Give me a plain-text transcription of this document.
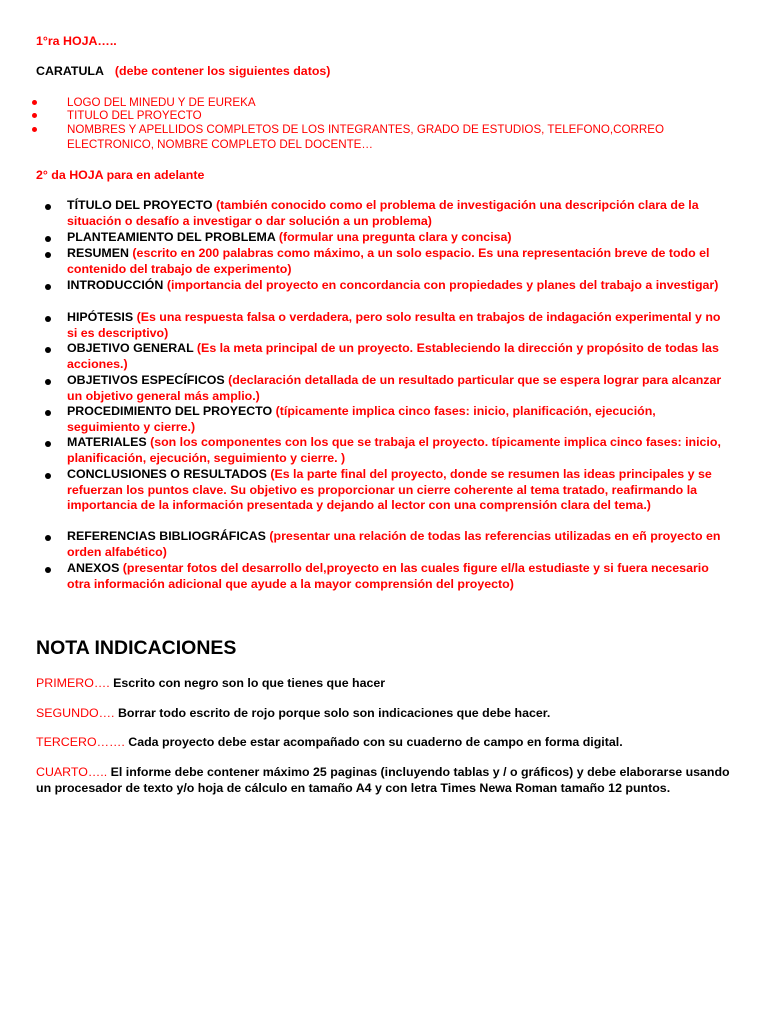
1°ra HOJA…..
CARATULA (debe contener los siguientes datos)
LOGO DEL MINEDU Y DE EUREKA
TITULO DEL PROYECTO
NOMBRES Y APELLIDOS COMPLETOS DE LOS INTEGRANTES, GRADO DE ESTUDIOS, TELEFONO,CORREO
ELECTRONICO, NOMBRE COMPLETO DEL DOCENTE…
2° da HOJA para en adelante
TÍTULO DEL PROYECTO (también conocido como el problema de investigación una descripción clara de la situación o desafío a investigar o dar solución a un problema)
PLANTEAMIENTO DEL PROBLEMA (formular una pregunta clara y concisa)
RESUMEN (escrito en 200 palabras como máximo, a un solo espacio. Es una representación breve de todo el contenido del trabajo de experimento)
INTRODUCCIÓN (importancia del proyecto en concordancia con propiedades y planes del trabajo a investigar)
HIPÓTESIS (Es una respuesta falsa o verdadera, pero solo resulta en trabajos de indagación experimental y no si es descriptivo)
OBJETIVO GENERAL (Es la meta principal de un proyecto. Estableciendo la dirección y propósito de todas las acciones.)
OBJETIVOS ESPECÍFICOS (declaración detallada de un resultado particular que se espera lograr para alcanzar un objetivo general más amplio.)
PROCEDIMIENTO DEL PROYECTO (típicamente implica cinco fases: inicio, planificación, ejecución, seguimiento y cierre.)
MATERIALES (son los componentes con los que se trabaja el proyecto. típicamente implica cinco fases: inicio, planificación, ejecución, seguimiento y cierre. )
CONCLUSIONES O RESULTADOS (Es la parte final del proyecto, donde se resumen las ideas principales y se refuerzan los puntos clave. Su objetivo es proporcionar un cierre coherente al tema tratado, reafirmando la importancia de la información presentada y dejando al lector con una comprensión clara del tema.)
REFERENCIAS BIBLIOGRÁFICAS (presentar una relación de todas las referencias utilizadas en eñ proyecto en orden alfabético)
ANEXOS (presentar fotos del desarrollo del,proyecto en las cuales figure el/la estudiaste y si fuera necesario otra información adicional que ayude a la mayor comprensión del proyecto)
NOTA INDICACIONES
PRIMERO…. Escrito con negro son lo que tienes que hacer
SEGUNDO…. Borrar todo escrito de rojo porque solo son indicaciones que debe hacer.
TERCERO……. Cada proyecto debe estar acompañado con su cuaderno de campo en forma digital.
CUARTO….. El informe debe contener máximo 25 paginas (incluyendo tablas y / o gráficos) y debe elaborarse usando un procesador de texto y/o hoja de cálculo en tamaño A4 y con letra Times Newa Roman tamaño 12 puntos.
